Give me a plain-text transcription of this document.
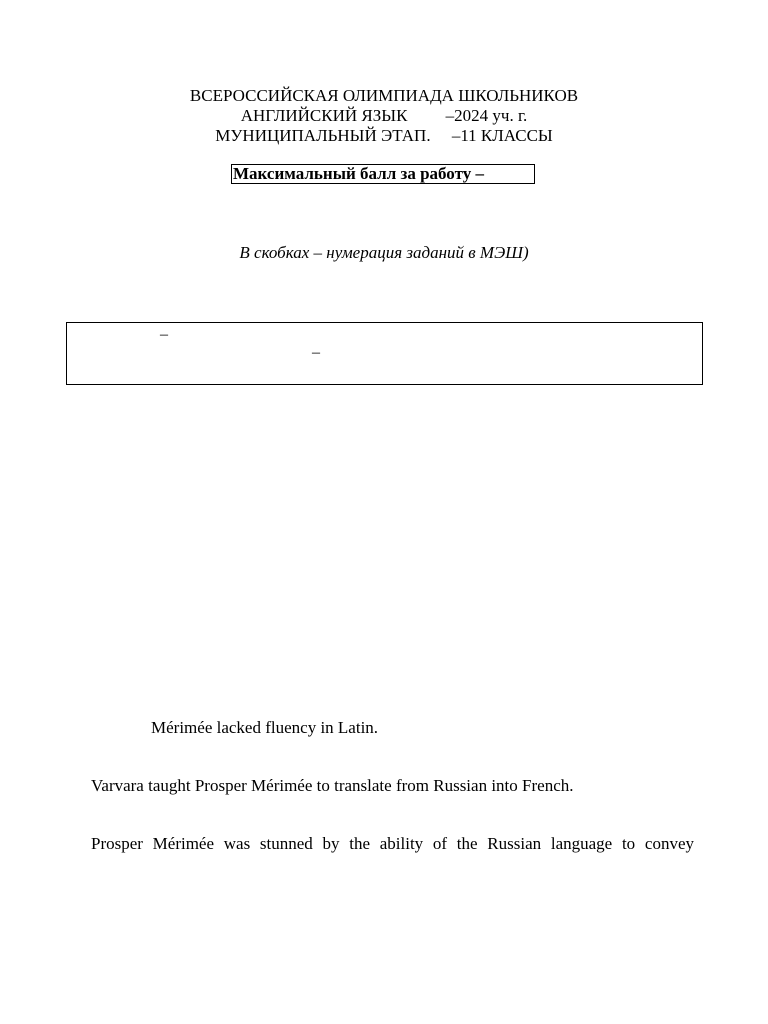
ВСЕРОССИЙСКАЯ ОЛИМПИАДА ШКОЛЬНИКОВ
АНГЛИЙСКИЙ ЯЗЫК         –2024 уч. г.
МУНИЦИПАЛЬНЫЙ ЭТАП.     –11 КЛАССЫ
Максимальный балл за работу –
В скобках – нумерация заданий в МЭШ)
–
–
Mérimée lacked fluency in Latin.
Varvara taught Prosper Mérimée to translate from Russian into French.
Prosper Mérimée was stunned by the ability of the Russian language to convey
